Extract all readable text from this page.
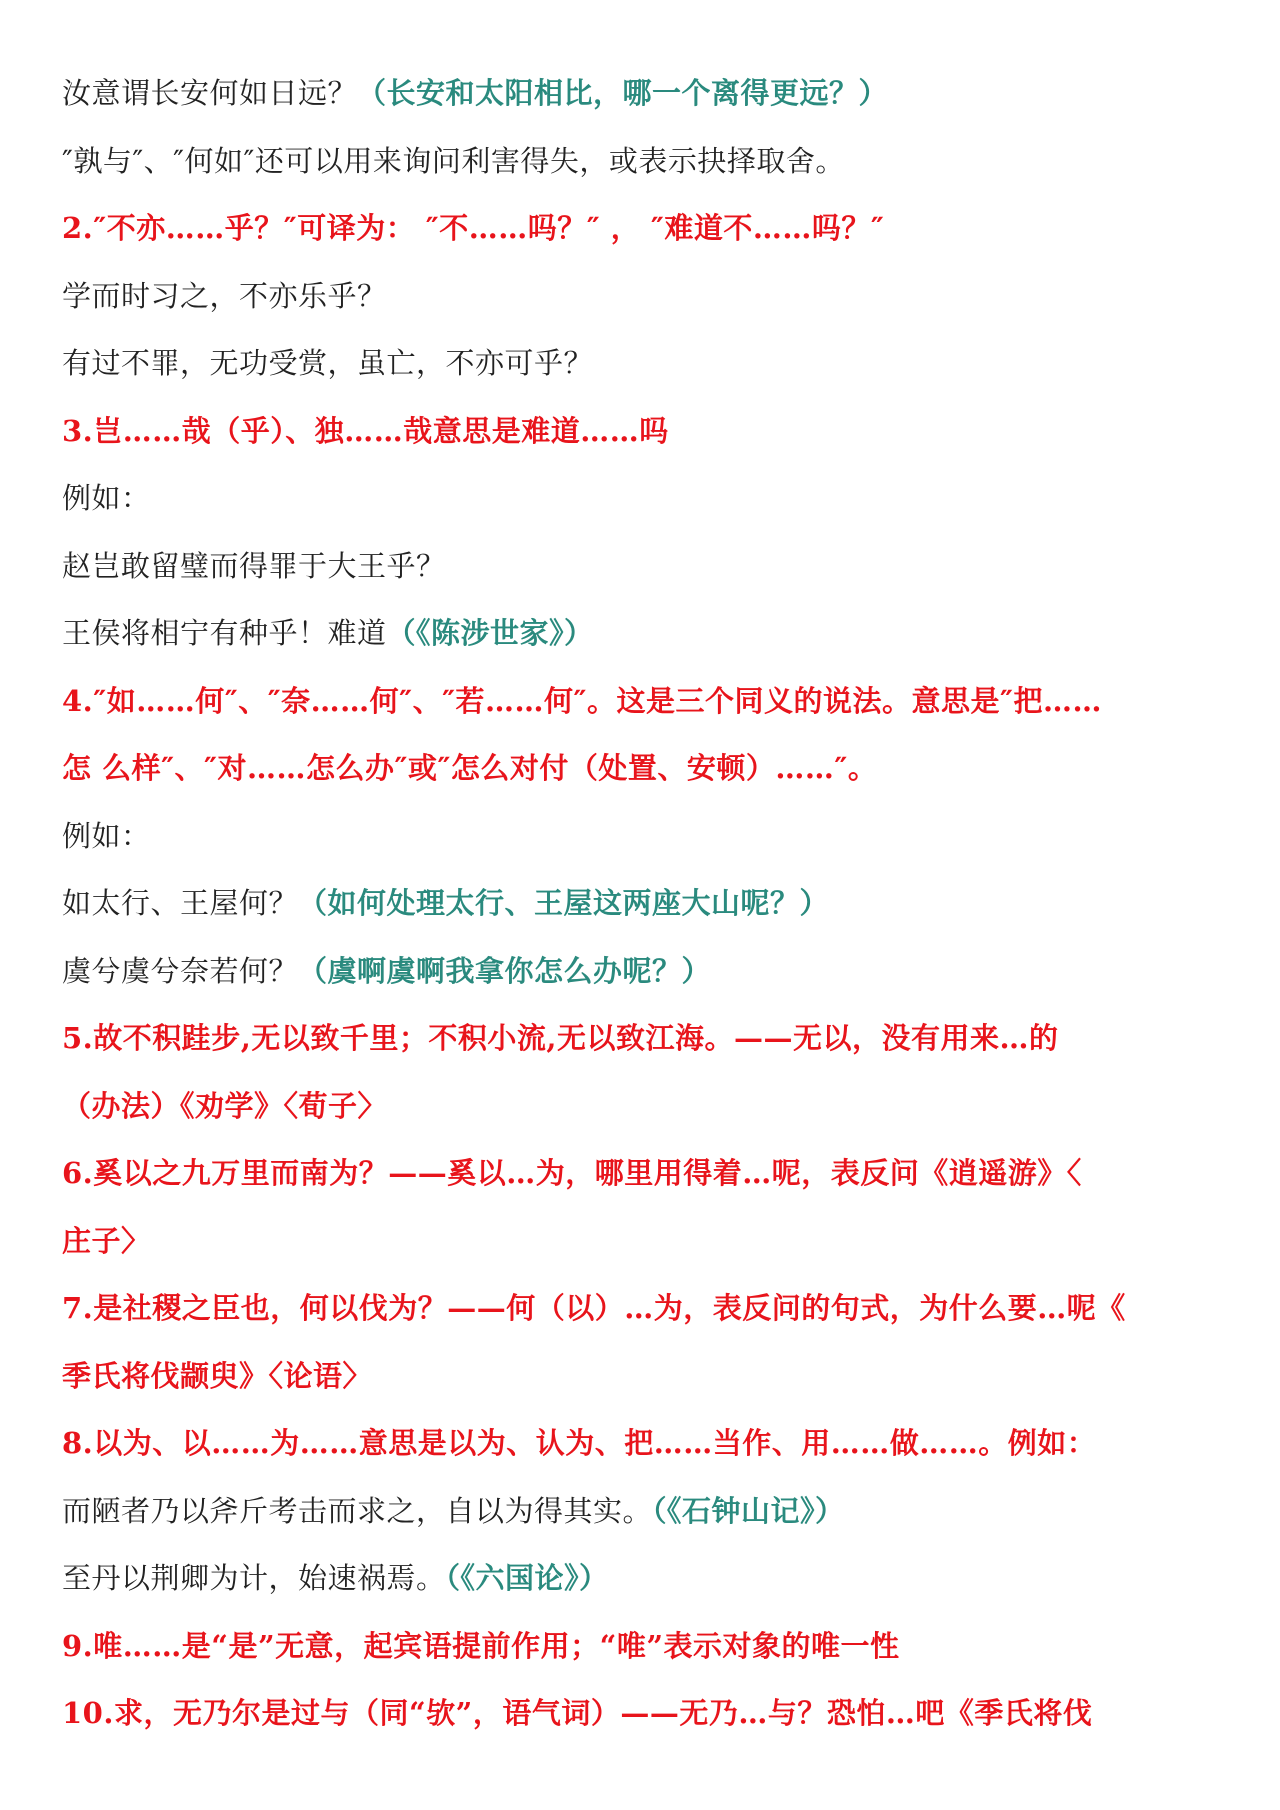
汝意谓长安何如日远？（长安和太阳相比，哪一个离得更远？）
″孰与″、″何如″还可以用来询问利害得失，或表示抉择取舍。
2.″不亦……乎？″可译为： ″不……吗？″ ， ″难道不……吗？″
学而时习之，不亦乐乎？
有过不罪，无功受赏，虽亡，不亦可乎？
3.岂……哉（乎）、独……哉意思是难道……吗
例如：
赵岂敢留璧而得罪于大王乎？
王侯将相宁有种乎！难道（《陈涉世家》）
4.″如……何″、″奈……何″、″若……何″。这是三个同义的说法。意思是″把……
怎 么样″、″对……怎么办″或″怎么对付（处置、安顿）……″。
例如：
如太行、王屋何？（如何处理太行、王屋这两座大山呢？）
虞兮虞兮奈若何？（虞啊虞啊我拿你怎么办呢？）
5.故不积跬步,无以致千里；不积小流,无以致江海。——无以，没有用来…的
（办法）《劝学》〈荀子〉
6.奚以之九万里而南为？——奚以…为，哪里用得着…呢，表反问《逍遥游》〈
庄子〉
7.是社稷之臣也，何以伐为？——何（以）…为，表反问的句式，为什么要…呢《
季氏将伐颛臾》〈论语〉
8.以为、以……为……意思是以为、认为、把……当作、用……做……。例如：
而陋者乃以斧斤考击而求之，自以为得其实。（《石钟山记》）
至丹以荆卿为计，始速祸焉。（《六国论》）
9.唯……是“是”无意，起宾语提前作用；“唯”表示对象的唯一性
10.求，无乃尔是过与（同“欤”，语气词）——无乃…与？恐怕…吧《季氏将伐
